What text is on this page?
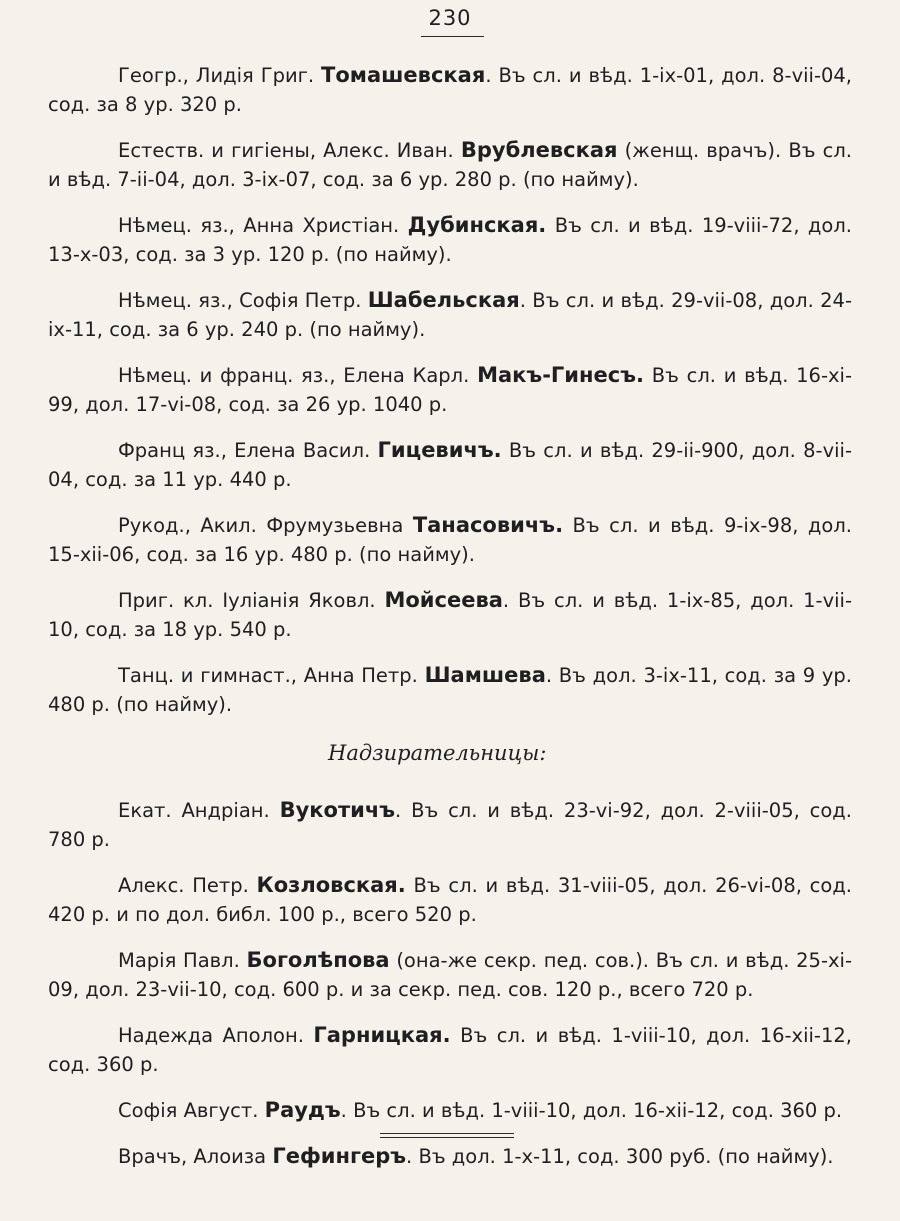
230

Геогр., Лидія Григ. Томашевская. Въ сл. и вѣд. 1-ix-01, дол. 8-vii-04, сод. за 8 ур. 320 р.

Естеств. и гигіены, Алекс. Иван. Врублевская (женщ. врачъ). Въ сл. и вѣд. 7-ii-04, дол. 3-ix-07, сод. за 6 ур. 280 р. (по найму).

Нѣмец. яз., Анна Христіан. Дубинская. Въ сл. и вѣд. 19-viii-72, дол. 13-x-03, сод. за 3 ур. 120 р. (по найму).

Нѣмец. яз., Софія Петр. Шабельская. Въ сл. и вѣд. 29-vii-08, дол. 24-ix-11, сод. за 6 ур. 240 р. (по найму).

Нѣмец. и франц. яз., Елена Карл. Макъ-Гинесъ. Въ сл. и вѣд. 16-xi-99, дол. 17-vi-08, сод. за 26 ур. 1040 р.

Франц яз., Елена Васил. Гицевичъ. Въ сл. и вѣд. 29-ii-900, дол. 8-vii-04, сод. за 11 ур. 440 р.

Рукод., Акил. Фрумузьевна Танасовичъ. Въ сл. и вѣд. 9-ix-98, дол. 15-xii-06, сод. за 16 ур. 480 р. (по найму).

Приг. кл. Іуліанія Яковл. Мойсеева. Въ сл. и вѣд. 1-ix-85, дол. 1-vii-10, сод. за 18 ур. 540 р.

Танц. и гимнаст., Анна Петр. Шамшева. Въ дол. 3-ix-11, сод. за 9 ур. 480 р. (по найму).

Надзирательницы:

Екат. Андріан. Вукотичъ. Въ сл. и вѣд. 23-vi-92, дол. 2-vііі-05, сод. 780 р.

Алекс. Петр. Козловская. Въ сл. и вѣд. 31-vііі-05, дол. 26-vi-08, сод. 420 р. и по дол. библ. 100 р., всего 520 р.

Марія Павл. Боголѣпова (она-же секр. пед. сов.). Въ сл. и вѣд. 25-xi-09, дол. 23-vii-10, сод. 600 р. и за секр. пед. сов. 120 р., всего 720 р.

Надежда Аполон. Гарницкая. Въ сл. и вѣд. 1-vііі-10, дол. 16-xii-12, сод. 360 р.

Софія Август. Раудъ. Въ сл. и вѣд. 1-vііі-10, дол. 16-xii-12, сод. 360 р.

Врачъ, Алоиза Гефингеръ. Въ дол. 1-x-11, сод. 300 руб. (по найму).
